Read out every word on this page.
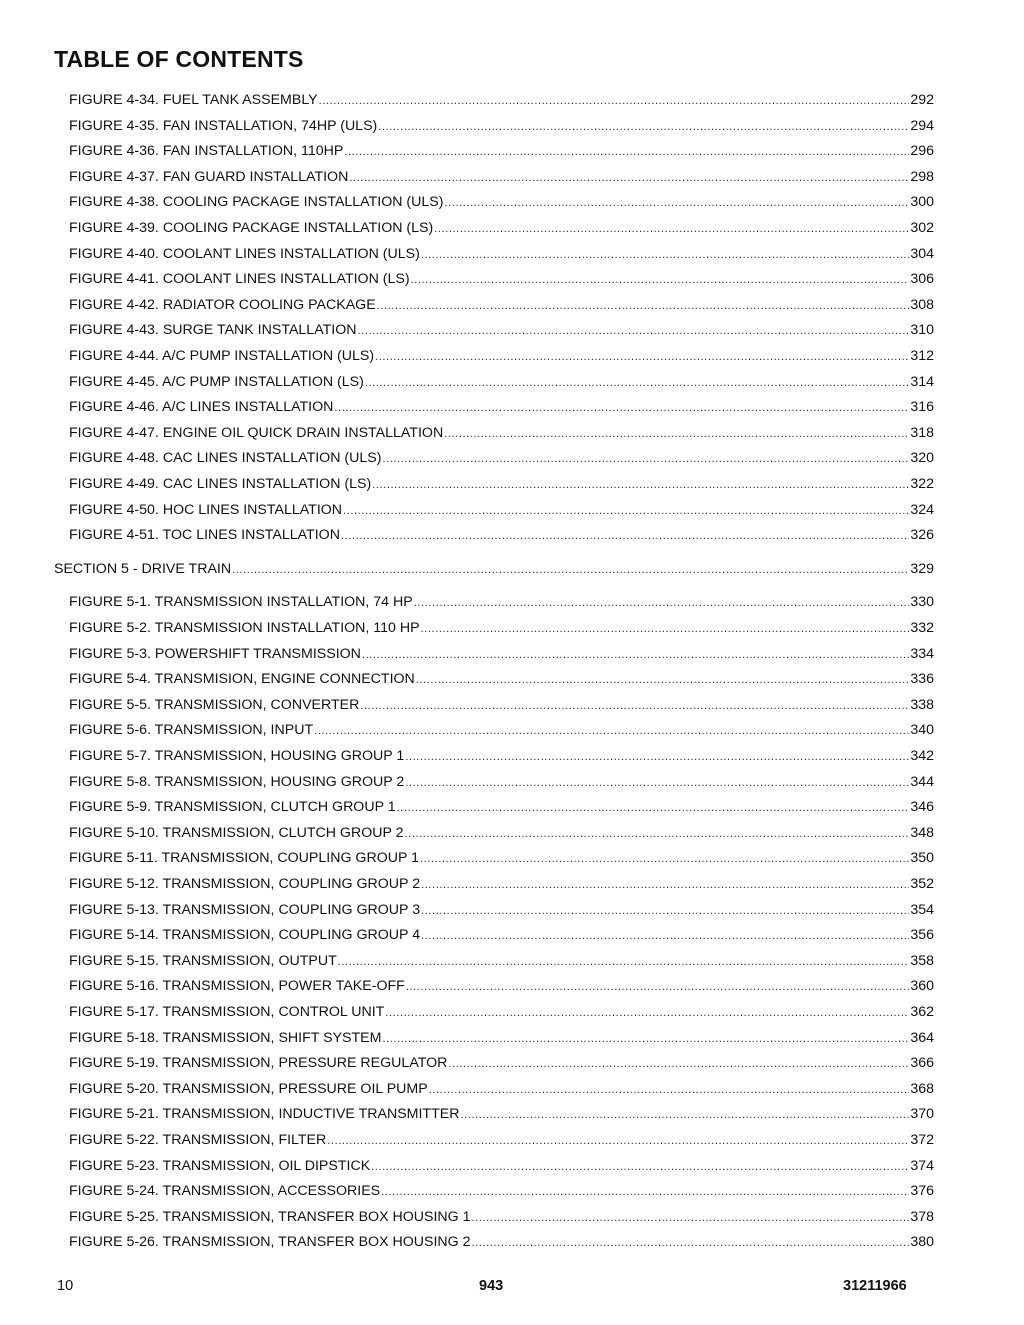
TABLE OF CONTENTS
FIGURE 4-34. FUEL TANK ASSEMBLY .....	292
FIGURE 4-35. FAN INSTALLATION, 74HP (ULS) .....	294
FIGURE 4-36. FAN INSTALLATION, 110HP .....	296
FIGURE 4-37. FAN GUARD INSTALLATION .....	298
FIGURE 4-38. COOLING PACKAGE INSTALLATION (ULS) .....	300
FIGURE 4-39. COOLING PACKAGE INSTALLATION (LS) .....	302
FIGURE 4-40. COOLANT LINES INSTALLATION (ULS) .....	304
FIGURE 4-41. COOLANT LINES INSTALLATION (LS) .....	306
FIGURE 4-42. RADIATOR COOLING PACKAGE .....	308
FIGURE 4-43. SURGE TANK INSTALLATION .....	310
FIGURE 4-44. A/C PUMP INSTALLATION (ULS) .....	312
FIGURE 4-45. A/C PUMP INSTALLATION (LS) .....	314
FIGURE 4-46. A/C LINES INSTALLATION .....	316
FIGURE 4-47. ENGINE OIL QUICK DRAIN INSTALLATION .....	318
FIGURE 4-48. CAC LINES INSTALLATION (ULS) .....	320
FIGURE 4-49. CAC LINES INSTALLATION (LS) .....	322
FIGURE 4-50. HOC LINES INSTALLATION .....	324
FIGURE 4-51. TOC LINES INSTALLATION .....	326
SECTION 5 - DRIVE TRAIN .....	329
FIGURE 5-1. TRANSMISSION INSTALLATION, 74 HP .....	330
FIGURE 5-2. TRANSMISSION INSTALLATION, 110 HP .....	332
FIGURE 5-3. POWERSHIFT TRANSMISSION .....	334
FIGURE 5-4. TRANSMISION, ENGINE CONNECTION .....	336
FIGURE 5-5. TRANSMISSION, CONVERTER .....	338
FIGURE 5-6. TRANSMISSION, INPUT .....	340
FIGURE 5-7. TRANSMISSION, HOUSING GROUP 1 .....	342
FIGURE 5-8. TRANSMISSION, HOUSING GROUP 2 .....	344
FIGURE 5-9. TRANSMISSION, CLUTCH GROUP 1 .....	346
FIGURE 5-10. TRANSMISSION, CLUTCH GROUP 2 .....	348
FIGURE 5-11. TRANSMISSION, COUPLING GROUP 1 .....	350
FIGURE 5-12. TRANSMISSION, COUPLING GROUP 2 .....	352
FIGURE 5-13. TRANSMISSION, COUPLING GROUP 3 .....	354
FIGURE 5-14. TRANSMISSION, COUPLING GROUP 4 .....	356
FIGURE 5-15. TRANSMISSION, OUTPUT .....	358
FIGURE 5-16. TRANSMISSION, POWER TAKE-OFF .....	360
FIGURE 5-17. TRANSMISSION, CONTROL UNIT .....	362
FIGURE 5-18. TRANSMISSION, SHIFT SYSTEM .....	364
FIGURE 5-19. TRANSMISSION, PRESSURE REGULATOR .....	366
FIGURE 5-20. TRANSMISSION, PRESSURE OIL PUMP .....	368
FIGURE 5-21. TRANSMISSION, INDUCTIVE TRANSMITTER .....	370
FIGURE 5-22. TRANSMISSION, FILTER .....	372
FIGURE 5-23. TRANSMISSION, OIL DIPSTICK .....	374
FIGURE 5-24. TRANSMISSION, ACCESSORIES .....	376
FIGURE 5-25. TRANSMISSION, TRANSFER BOX HOUSING 1 .....	378
FIGURE 5-26. TRANSMISSION, TRANSFER BOX HOUSING 2 .....	380
10	943	31211966
